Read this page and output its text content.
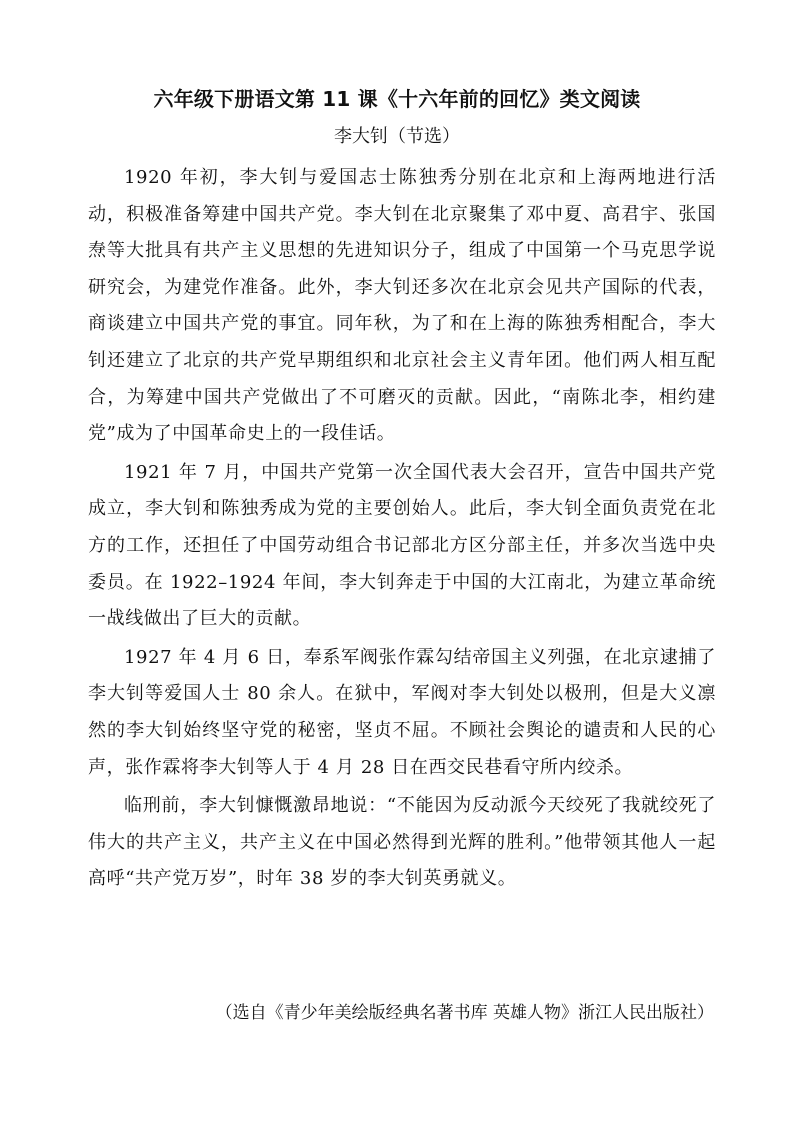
六年级下册语文第 11 课《十六年前的回忆》类文阅读
李大钊（节选）

1920 年初，李大钊与爱国志士陈独秀分别在北京和上海两地进行活动，积极准备筹建中国共产党。李大钊在北京聚集了邓中夏、高君宇、张国焘等大批具有共产主义思想的先进知识分子，组成了中国第一个马克思学说研究会，为建党作准备。此外，李大钊还多次在北京会见共产国际的代表，商谈建立中国共产党的事宜。同年秋，为了和在上海的陈独秀相配合，李大钊还建立了北京的共产党早期组织和北京社会主义青年团。他们两人相互配合，为筹建中国共产党做出了不可磨灭的贡献。因此，“南陈北李，相约建党”成为了中国革命史上的一段佳话。

1921 年 7 月，中国共产党第一次全国代表大会召开，宣告中国共产党成立，李大钊和陈独秀成为党的主要创始人。此后，李大钊全面负责党在北方的工作，还担任了中国劳动组合书记部北方区分部主任，并多次当选中央委员。在 1922–1924 年间，李大钊奔走于中国的大江南北，为建立革命统一战线做出了巨大的贡献。

1927 年 4 月 6 日，奉系军阀张作霖勾结帝国主义列强，在北京逮捕了李大钊等爱国人士 80 余人。在狱中，军阀对李大钊处以极刑，但是大义凛然的李大钊始终坚守党的秘密，坚贞不屈。不顾社会舆论的谴责和人民的心声，张作霖将李大钊等人于 4 月 28 日在西交民巷看守所内绞杀。

临刑前，李大钊慷慨激昂地说：“不能因为反动派今天绞死了我就绞死了伟大的共产主义，共产主义在中国必然得到光辉的胜利。”他带领其他人一起高呼“共产党万岁”，时年 38 岁的李大钊英勇就义。

（选自《青少年美绘版经典名著书库 英雄人物》浙江人民出版社）
